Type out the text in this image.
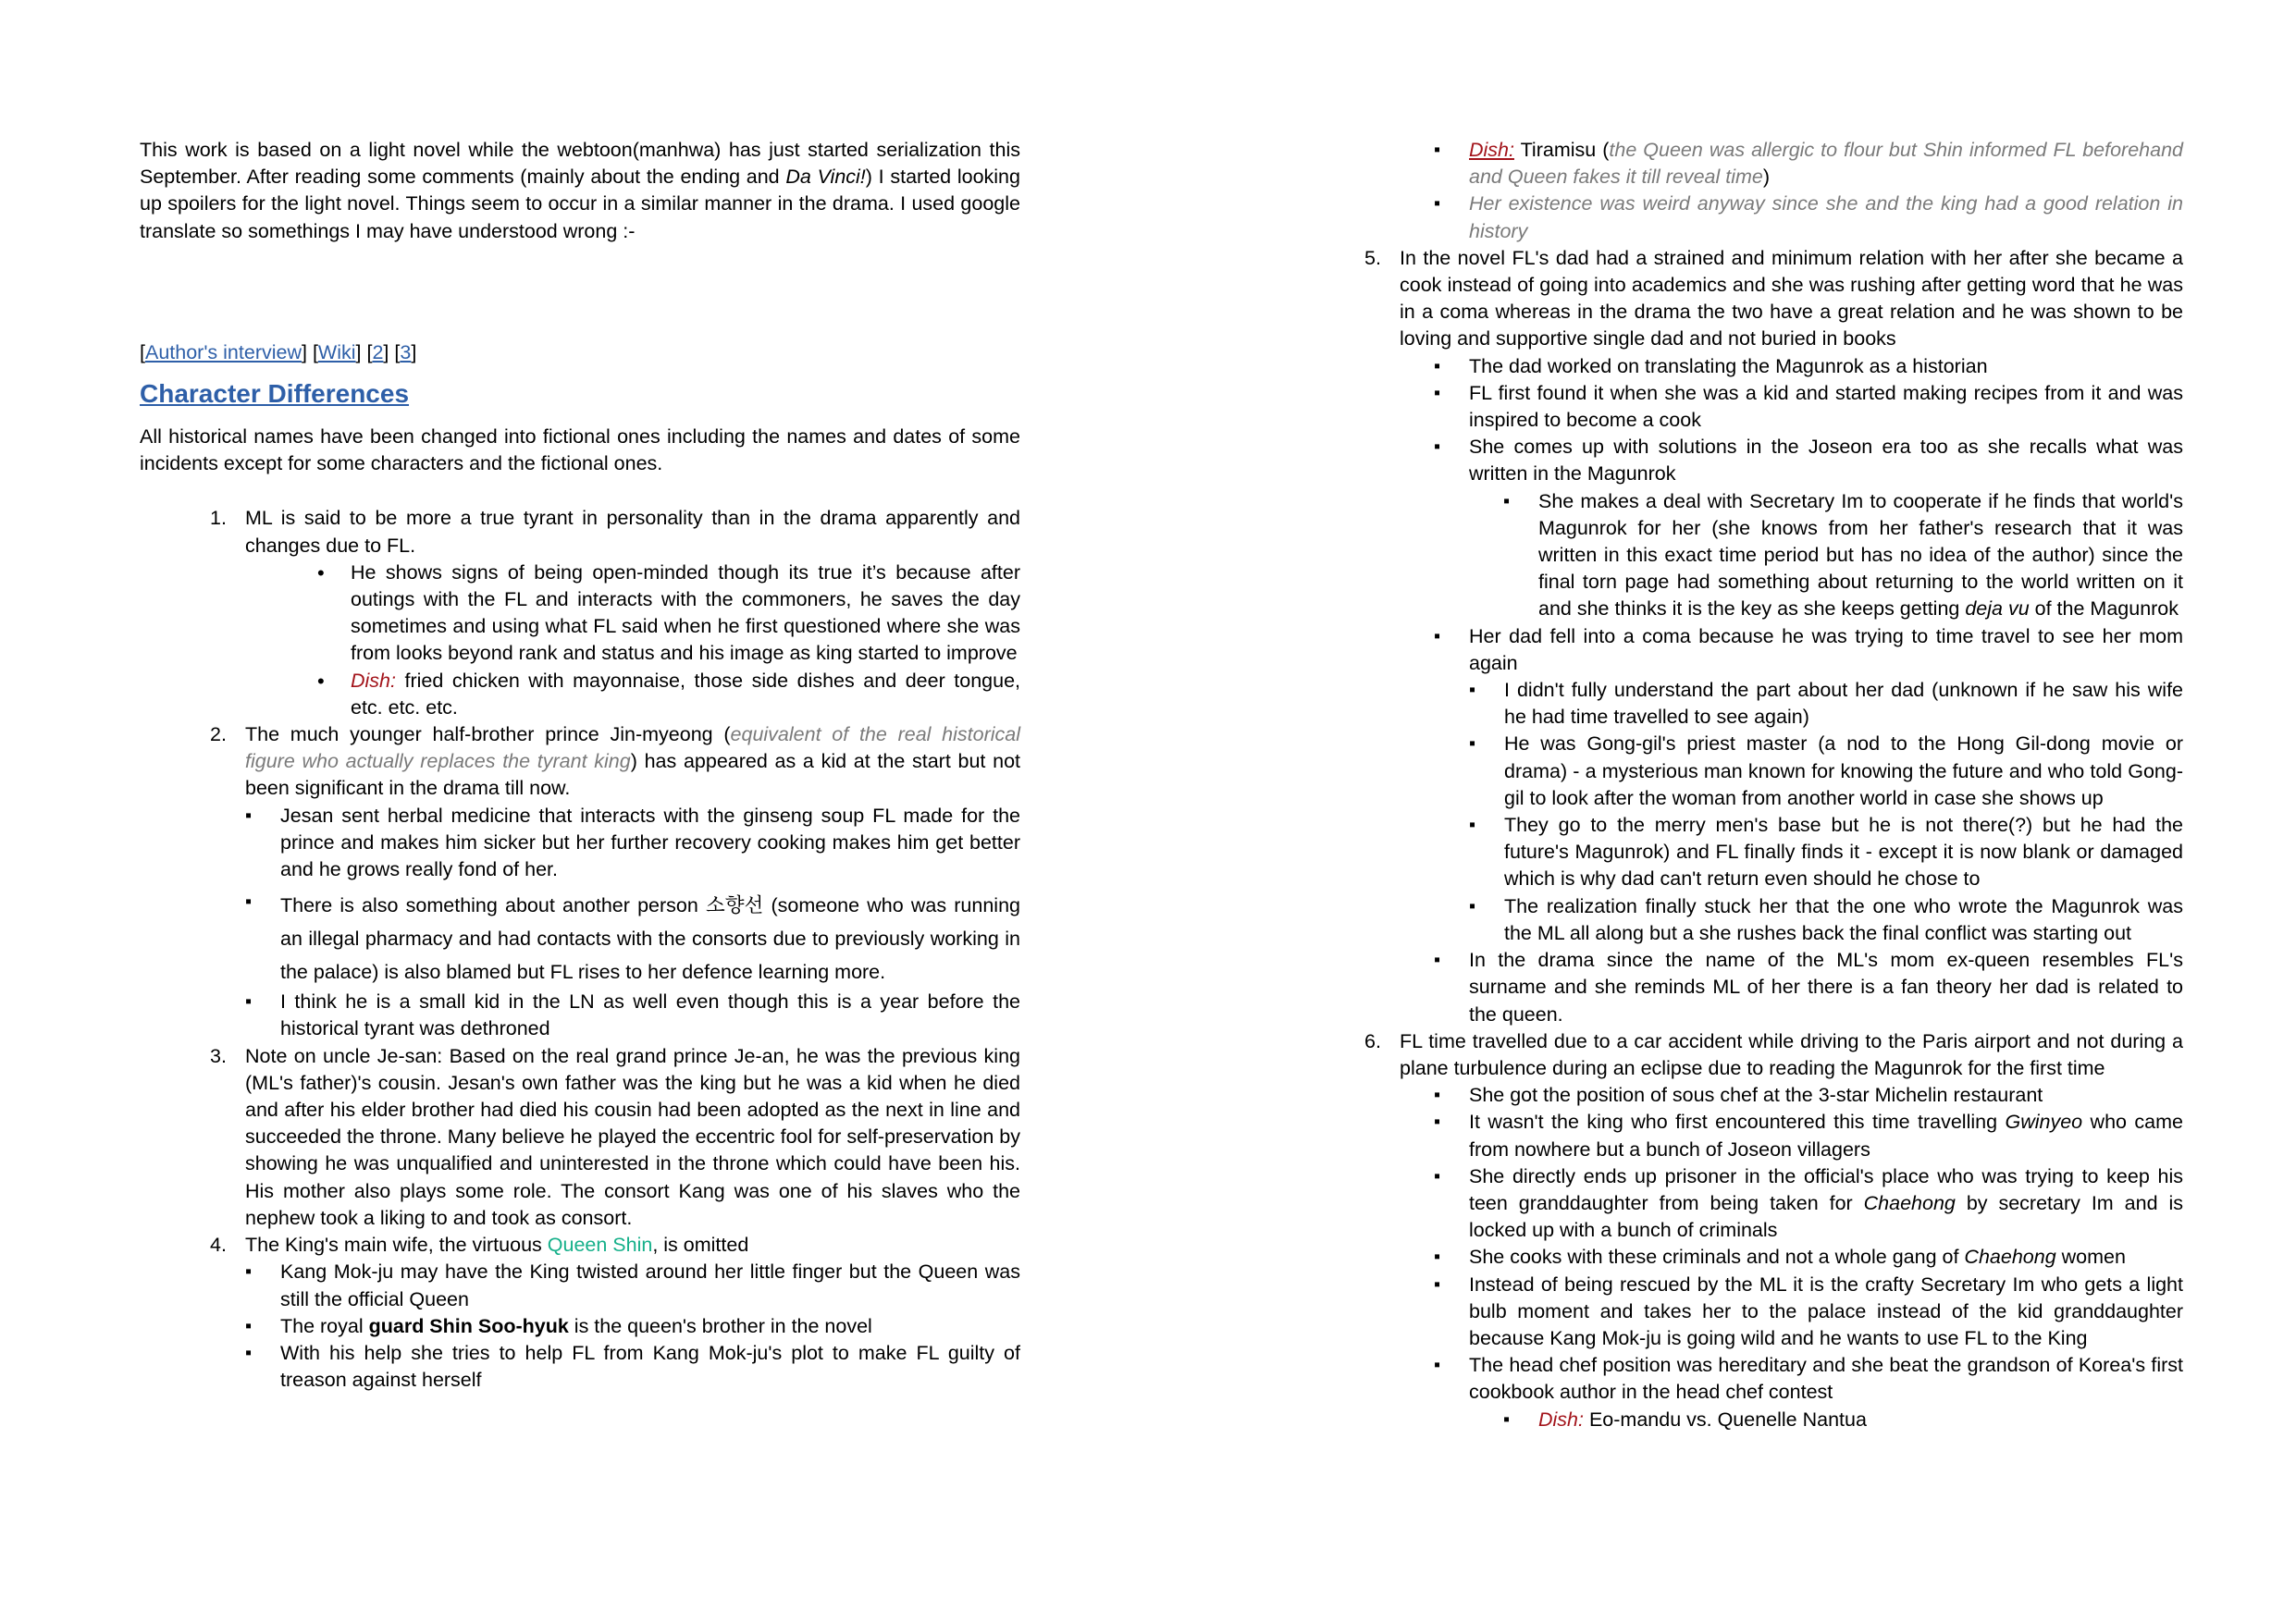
This work is based on a light novel while the webtoon(manhwa) has just started serialization this September. After reading some comments (mainly about the ending and Da Vinci!) I started looking up spoilers for the light novel. Things seem to occur in a similar manner in the drama. I used google translate so somethings I may have understood wrong :-

[Author's interview] [Wiki] [2] [3]

Character Differences

All historical names have been changed into fictional ones including the names and dates of some incidents except for some characters and the fictional ones.

1. ML is said to be more a true tyrant in personality than in the drama apparently and changes due to FL.
• He shows signs of being open-minded though its true it’s because after outings with the FL and interacts with the commoners, he saves the day sometimes and using what FL said when he first questioned where she was from looks beyond rank and status and his image as king started to improve
• Dish: fried chicken with mayonnaise, those side dishes and deer tongue, etc. etc. etc.
2. The much younger half-brother prince Jin-myeong (equivalent of the real historical figure who actually replaces the tyrant king) has appeared as a kid at the start but not been significant in the drama till now.
▪ Jesan sent herbal medicine that interacts with the ginseng soup FL made for the prince and makes him sicker but her further recovery cooking makes him get better and he grows really fond of her.
▪ There is also something about another person 소향선 (someone who was running an illegal pharmacy and had contacts with the consorts due to previously working in the palace) is also blamed but FL rises to her defence learning more.
▪ I think he is a small kid in the LN as well even though this is a year before the historical tyrant was dethroned
3. Note on uncle Je-san: Based on the real grand prince Je-an, he was the previous king (ML's father)'s cousin. Jesan's own father was the king but he was a kid when he died and after his elder brother had died his cousin had been adopted as the next in line and succeeded the throne. Many believe he played the eccentric fool for self-preservation by showing he was unqualified and uninterested in the throne which could have been his. His mother also plays some role. The consort Kang was one of his slaves who the nephew took a liking to and took as consort.
4. The King's main wife, the virtuous Queen Shin, is omitted
▪ Kang Mok-ju may have the King twisted around her little finger but the Queen was still the official Queen
▪ The royal guard Shin Soo-hyuk is the queen's brother in the novel
▪ With his help she tries to help FL from Kang Mok-ju's plot to make FL guilty of treason against herself
▪ Dish: Tiramisu (the Queen was allergic to flour but Shin informed FL beforehand and Queen fakes it till reveal time)
▪ Her existence was weird anyway since she and the king had a good relation in history
5. In the novel FL's dad had a strained and minimum relation with her after she became a cook instead of going into academics and she was rushing after getting word that he was in a coma whereas in the drama the two have a great relation and he was shown to be loving and supportive single dad and not buried in books
▪ The dad worked on translating the Magunrok as a historian
▪ FL first found it when she was a kid and started making recipes from it and was inspired to become a cook
▪ She comes up with solutions in the Joseon era too as she recalls what was written in the Magunrok
▪ She makes a deal with Secretary Im to cooperate if he finds that world's Magunrok for her (she knows from her father's research that it was written in this exact time period but has no idea of the author) since the final torn page had something about returning to the world written on it and she thinks it is the key as she keeps getting deja vu of the Magunrok
▪ Her dad fell into a coma because he was trying to time travel to see her mom again
▪ I didn't fully understand the part about her dad (unknown if he saw his wife he had time travelled to see again)
▪ He was Gong-gil's priest master (a nod to the Hong Gil-dong movie or drama) - a mysterious man known for knowing the future and who told Gong-gil to look after the woman from another world in case she shows up
▪ They go to the merry men's base but he is not there(?) but he had the future's Magunrok) and FL finally finds it - except it is now blank or damaged which is why dad can't return even should he chose to
▪ The realization finally stuck her that the one who wrote the Magunrok was the ML all along but a she rushes back the final conflict was starting out
▪ In the drama since the name of the ML's mom ex-queen resembles FL's surname and she reminds ML of her there is a fan theory her dad is related to the queen.
6. FL time travelled due to a car accident while driving to the Paris airport and not during a plane turbulence during an eclipse due to reading the Magunrok for the first time
▪ She got the position of sous chef at the 3-star Michelin restaurant
▪ It wasn't the king who first encountered this time travelling Gwinyeo who came from nowhere but a bunch of Joseon villagers
▪ She directly ends up prisoner in the official's place who was trying to keep his teen granddaughter from being taken for Chaehong by secretary Im and is locked up with a bunch of criminals
▪ She cooks with these criminals and not a whole gang of Chaehong women
▪ Instead of being rescued by the ML it is the crafty Secretary Im who gets a light bulb moment and takes her to the palace instead of the kid granddaughter because Kang Mok-ju is going wild and he wants to use FL to the King
▪ The head chef position was hereditary and she beat the grandson of Korea's first cookbook author in the head chef contest
▪ Dish: Eo-mandu vs. Quenelle Nantua
